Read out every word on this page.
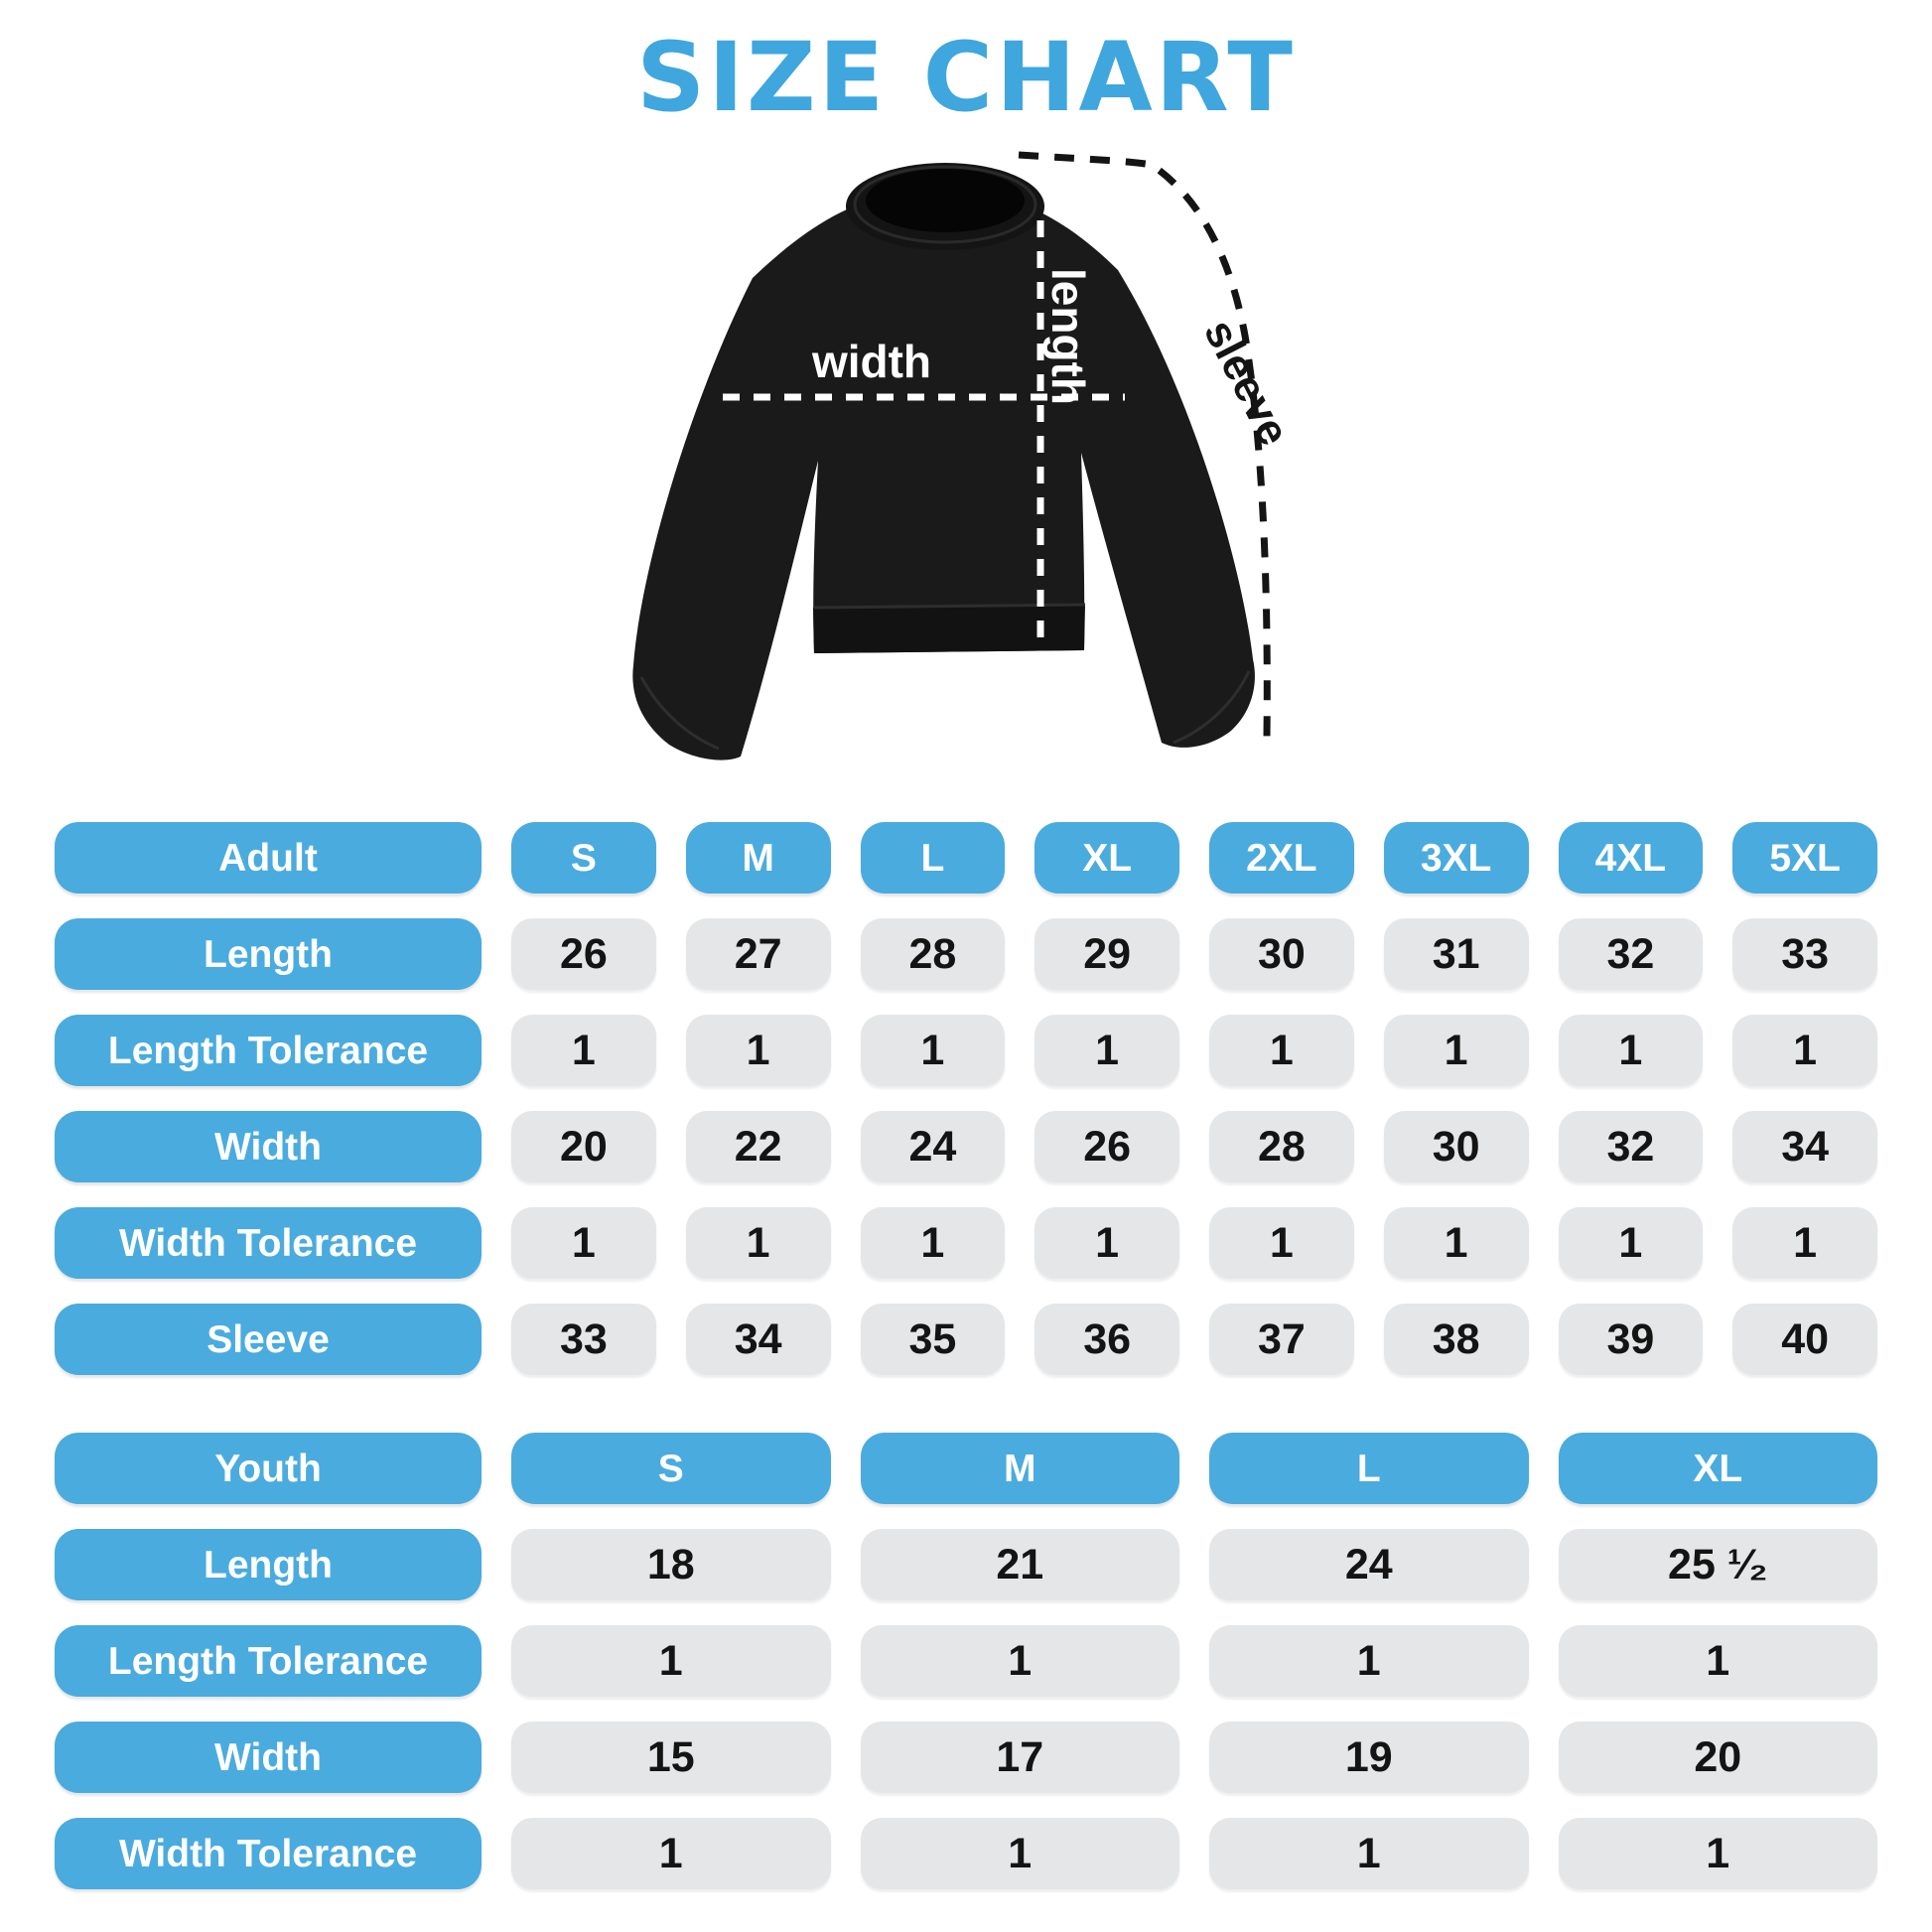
SIZE CHART
width length sleeve
Adult	S	M	L	XL	2XL	3XL	4XL	5XL
Length	26	27	28	29	30	31	32	33
Length Tolerance	1	1	1	1	1	1	1	1
Width	20	22	24	26	28	30	32	34
Width Tolerance	1	1	1	1	1	1	1	1
Sleeve	33	34	35	36	37	38	39	40
Youth	S	M	L	XL
Length	18	21	24	25 ¹⁄₂
Length Tolerance	1	1	1	1
Width	15	17	19	20
Width Tolerance	1	1	1	1
